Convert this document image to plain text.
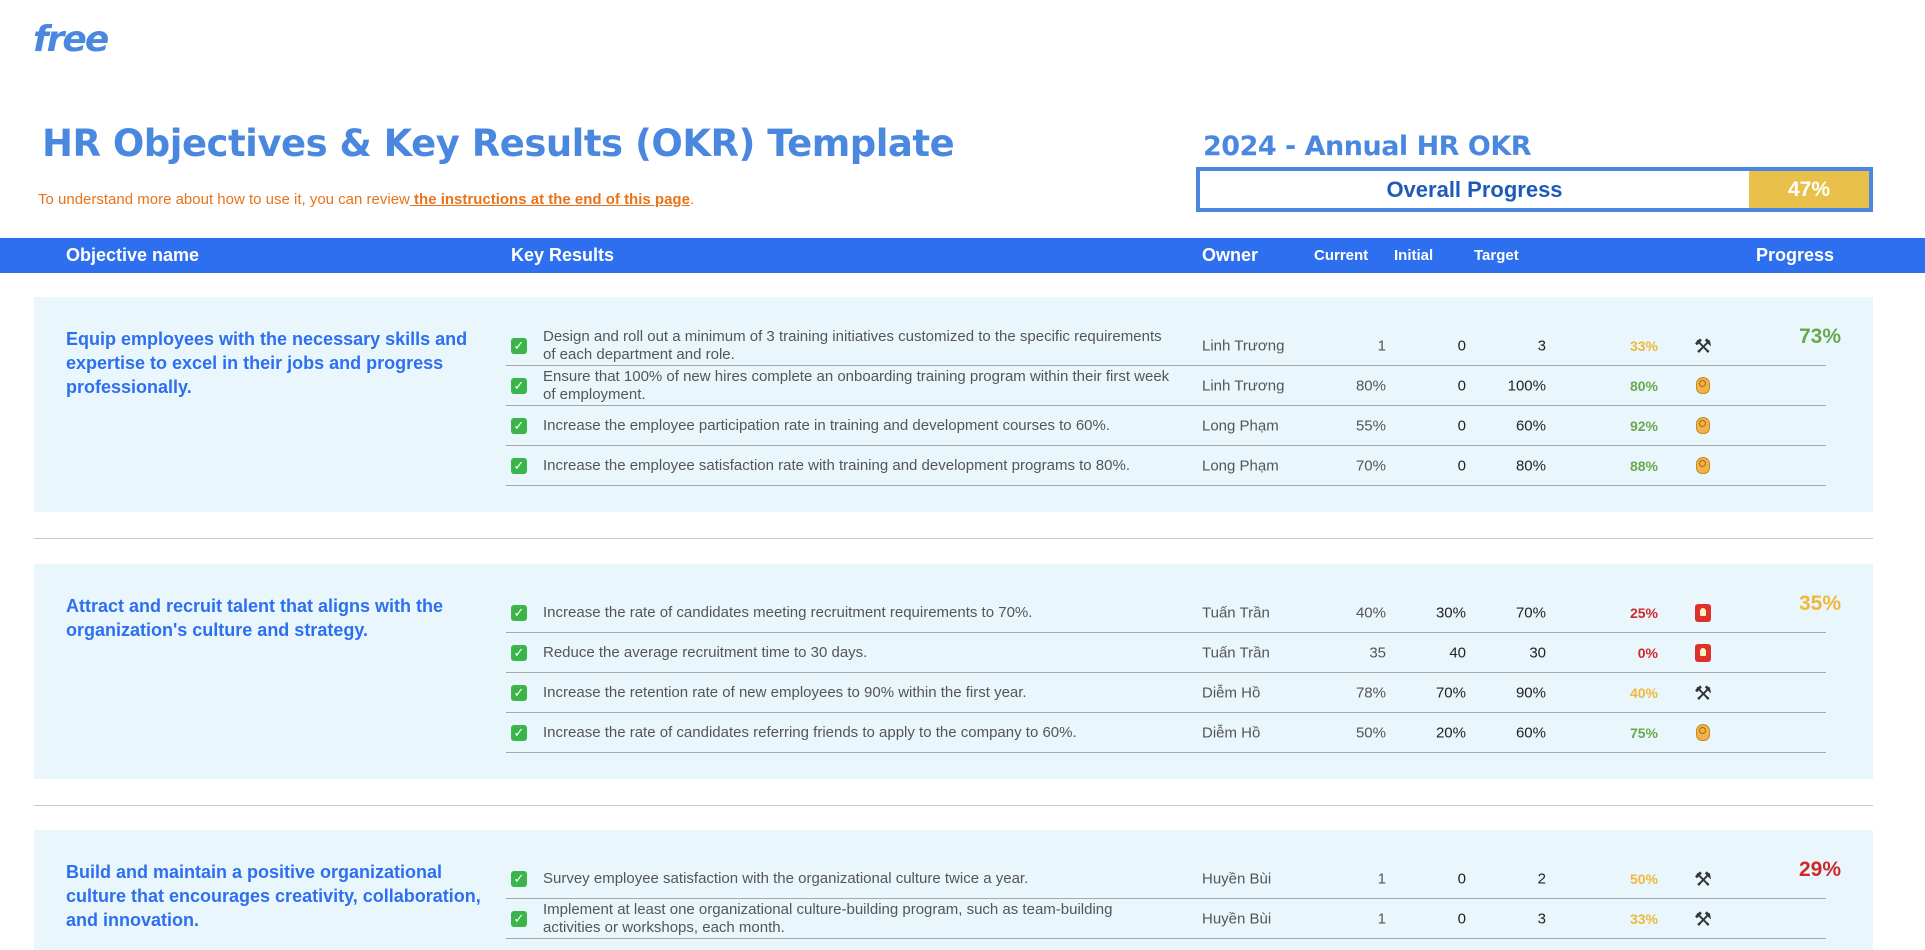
free
HR Objectives & Key Results (OKR) Template
To understand more about how to use it, you can review the instructions at the end of this page.
2024 - Annual HR OKR
Overall Progress	47%
Objective name	Key Results	Owner	Current Initial	Target	Progress
Equip employees with the necessary skills and expertise to excel in their jobs and progress professionally.
73%
✓
Design and roll out a minimum of 3 training initiatives customized to the specific requirements of each department and role.	Linh Trương	1	0	3	33% ⚒
✓
Ensure that 100% of new hires complete an onboarding training program within their first week of employment.	Linh Trương	80%	0	100%	80%
✓ Increase the employee participation rate in training and development courses to 60%.	Long Phạm	55%	0	60%	92%
✓ Increase the employee satisfaction rate with training and development programs to 80%.	Long Phạm	70%	0	80%	88%
Attract and recruit talent that aligns with the organization's culture and strategy.
35%
✓ Increase the rate of candidates meeting recruitment requirements to 70%.	Tuấn Trần	40%	30%	70%	25%
✓ Reduce the average recruitment time to 30 days.	Tuấn Trần	35	40	30	0%
✓ Increase the retention rate of new employees to 90% within the first year.	Diễm Hồ	78%	70%	90%	40% ⚒
✓ Increase the rate of candidates referring friends to apply to the company to 60%.	Diễm Hồ	50%	20%	60%	75%
Build and maintain a positive organizational culture that encourages creativity, collaboration, and innovation.
29%
✓ Survey employee satisfaction with the organizational culture twice a year.	Huyền Bùi	1	0	2	50% ⚒
✓
Implement at least one organizational culture-building program, such as team-building activities or workshops, each month.	Huyền Bùi	1	0	3	33% ⚒
